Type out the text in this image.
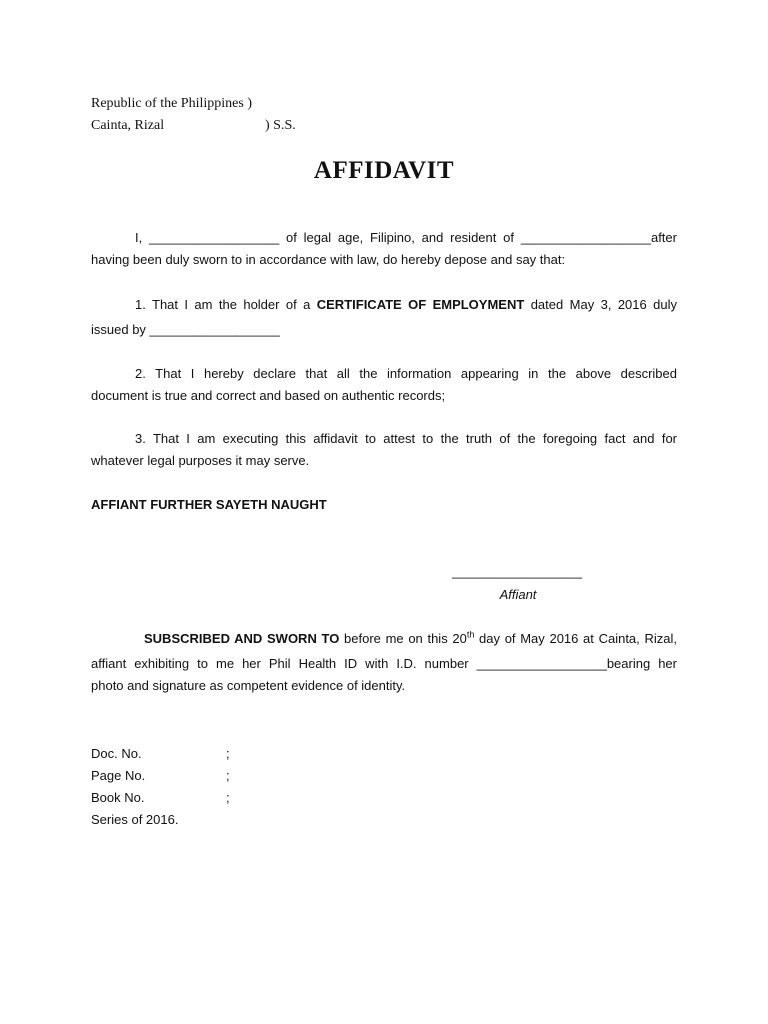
Republic of the Philippines )
Cainta, Rizal	) S.S.
AFFIDAVIT
I, __________________ of legal age, Filipino, and resident of __________________after
having been duly sworn to in accordance with law, do hereby depose and say that:
1. That I am the holder of a CERTIFICATE OF EMPLOYMENT dated May 3, 2016 duly
issued by __________________
2. That I hereby declare that all the information appearing in the above described
document is true and correct and based on authentic records;
3. That I am executing this affidavit to attest to the truth of the foregoing fact and for
whatever legal purposes it may serve.
AFFIANT FURTHER SAYETH NAUGHT
__________________
Affiant
SUBSCRIBED AND SWORN TO before me on this 20th day of May 2016 at Cainta, Rizal,
affiant exhibiting to me her Phil Health ID with I.D. number __________________bearing her
photo and signature as competent evidence of identity.
Doc. No.	;
Page No.	;
Book No.	;
Series of 2016.
